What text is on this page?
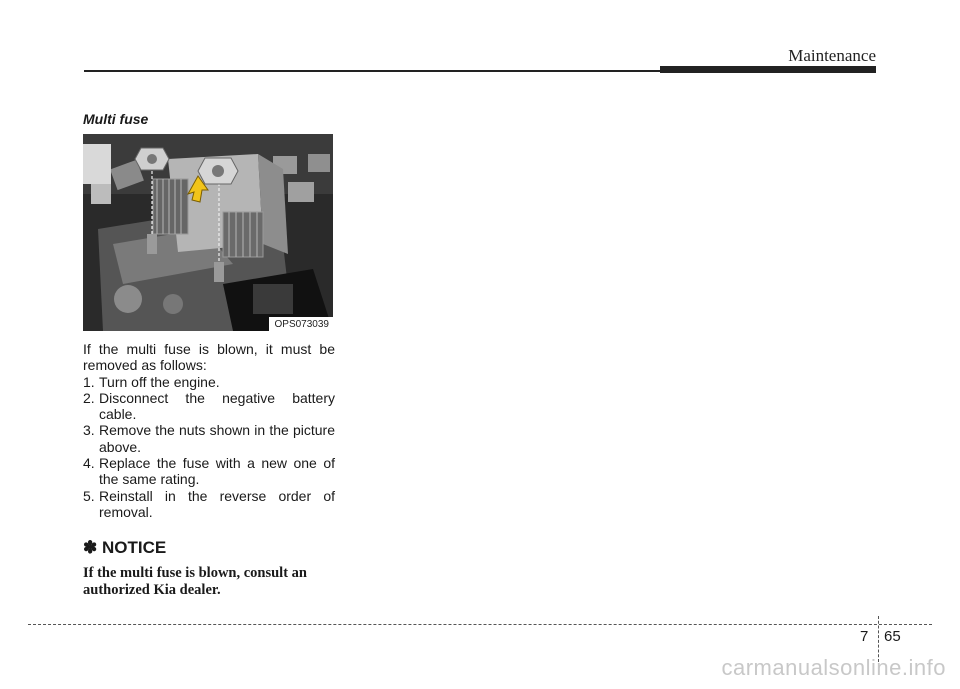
Maintenance
Multi fuse
OPS073039

If the multi fuse is blown, it must be removed as follows:

1. Turn off the engine.
2. Disconnect the negative battery cable.
3. Remove the nuts shown in the picture above.
4. Replace the fuse with a new one of the same rating.
5. Reinstall in the reverse order of removal.
✽ NOTICE
If the multi fuse is blown, consult an authorized Kia dealer.
7 65
carmanualsonline.info
